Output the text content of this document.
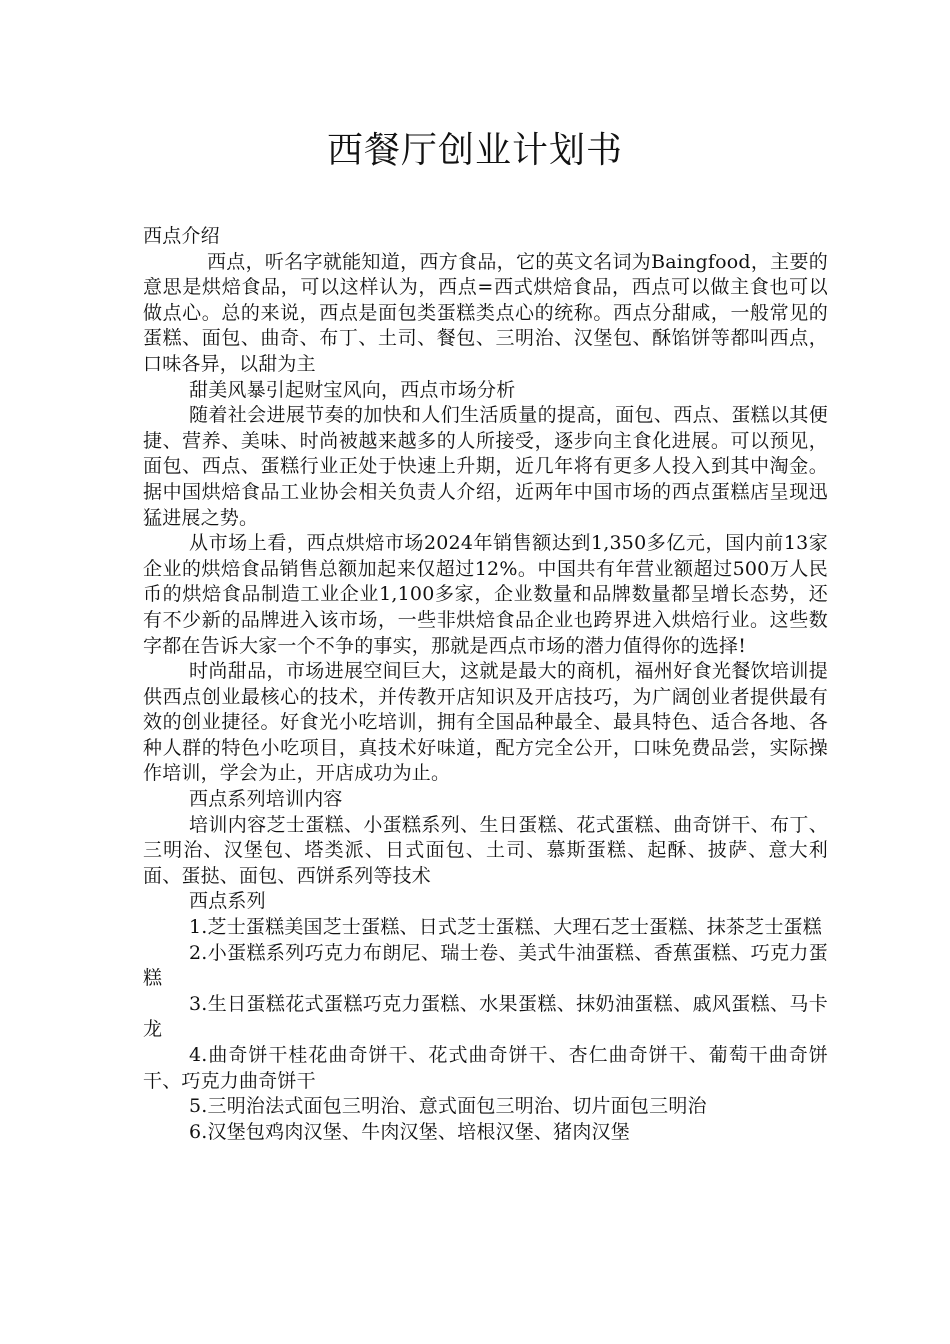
西餐厅创业计划书

西点介绍

西点，听名字就能知道，西方食品，它的英文名词为Baingfood，主要的意思是烘焙食品，可以这样认为，西点=西式烘焙食品，西点可以做主食也可以做点心。总的来说，西点是面包类蛋糕类点心的统称。西点分甜咸，一般常见的蛋糕、面包、曲奇、布丁、土司、餐包、三明治、汉堡包、酥馅饼等都叫西点，口味各异，以甜为主

甜美风暴引起财宝风向，西点市场分析

随着社会进展节奏的加快和人们生活质量的提高，面包、西点、蛋糕以其便捷、营养、美味、时尚被越来越多的人所接受，逐步向主食化进展。可以预见，面包、西点、蛋糕行业正处于快速上升期，近几年将有更多人投入到其中淘金。据中国烘焙食品工业协会相关负责人介绍，近两年中国市场的西点蛋糕店呈现迅猛进展之势。

从市场上看，西点烘焙市场2024年销售额达到1,350多亿元，国内前13家企业的烘焙食品销售总额加起来仅超过12%。中国共有年营业额超过500万人民币的烘焙食品制造工业企业1,100多家，企业数量和品牌数量都呈增长态势，还有不少新的品牌进入该市场，一些非烘焙食品企业也跨界进入烘焙行业。这些数字都在告诉大家一个不争的事实，那就是西点市场的潜力值得你的选择!

时尚甜品，市场进展空间巨大，这就是最大的商机，福州好食光餐饮培训提供西点创业最核心的技术，并传教开店知识及开店技巧，为广阔创业者提供最有效的创业捷径。好食光小吃培训，拥有全国品种最全、最具特色、适合各地、各种人群的特色小吃项目，真技术好味道，配方完全公开，口味免费品尝，实际操作培训，学会为止，开店成功为止。

西点系列培训内容

培训内容芝士蛋糕、小蛋糕系列、生日蛋糕、花式蛋糕、曲奇饼干、布丁、三明治、汉堡包、塔类派、日式面包、土司、慕斯蛋糕、起酥、披萨、意大利面、蛋挞、面包、西饼系列等技术

西点系列

1.芝士蛋糕美国芝士蛋糕、日式芝士蛋糕、大理石芝士蛋糕、抹茶芝士蛋糕

2.小蛋糕系列巧克力布朗尼、瑞士卷、美式牛油蛋糕、香蕉蛋糕、巧克力蛋糕

3.生日蛋糕花式蛋糕巧克力蛋糕、水果蛋糕、抹奶油蛋糕、戚风蛋糕、马卡龙

4.曲奇饼干桂花曲奇饼干、花式曲奇饼干、杏仁曲奇饼干、葡萄干曲奇饼干、巧克力曲奇饼干

5.三明治法式面包三明治、意式面包三明治、切片面包三明治

6.汉堡包鸡肉汉堡、牛肉汉堡、培根汉堡、猪肉汉堡
